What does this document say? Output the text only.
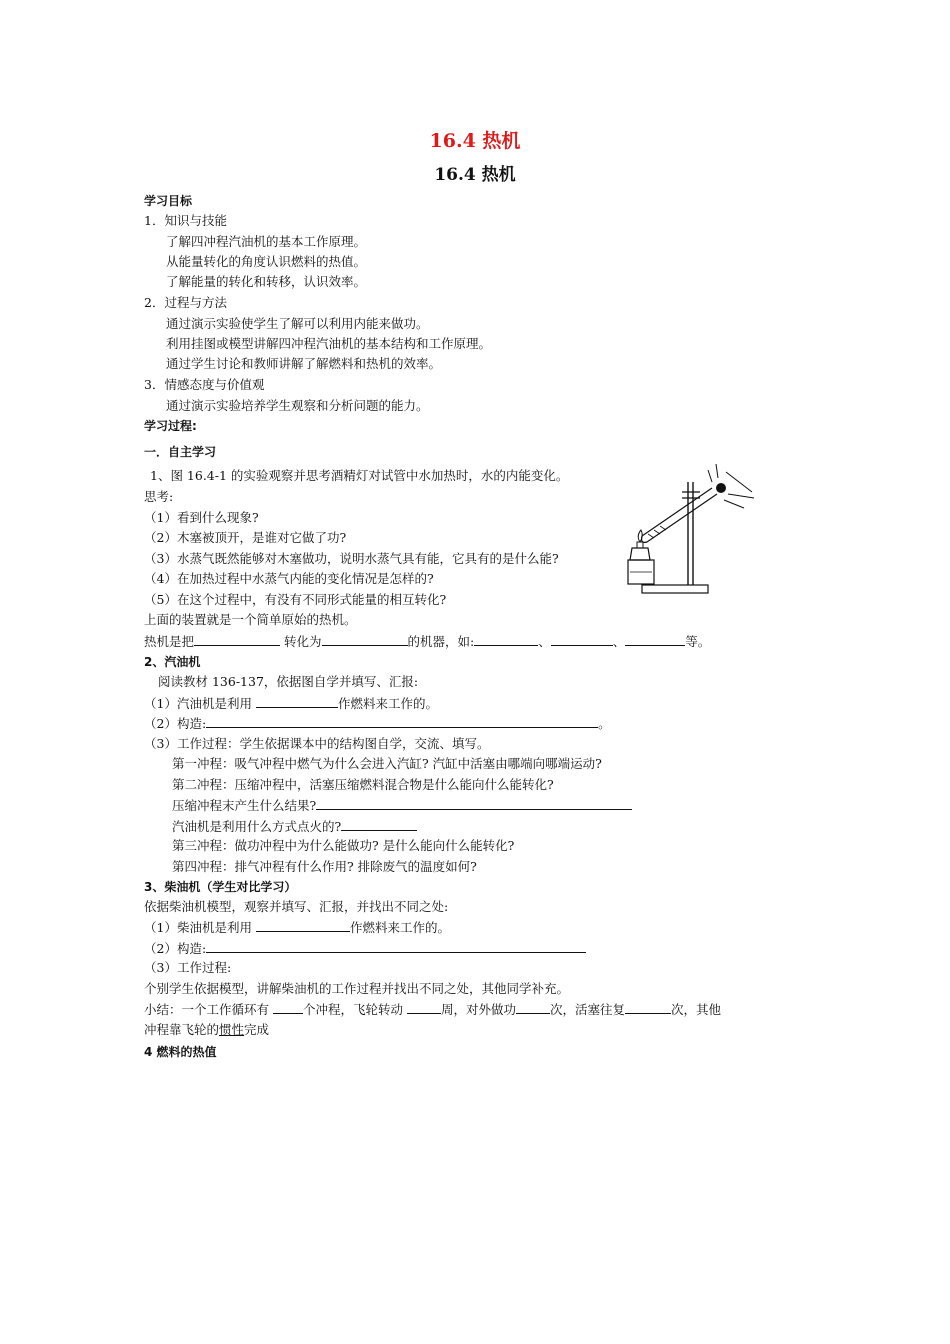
16.4 热机
16.4 热机
学习目标
1．知识与技能
了解四冲程汽油机的基本工作原理。
从能量转化的角度认识燃料的热值。
了解能量的转化和转移，认识效率。
2．过程与方法
通过演示实验使学生了解可以利用内能来做功。
利用挂图或模型讲解四冲程汽油机的基本结构和工作原理。
通过学生讨论和教师讲解了解燃料和热机的效率。
3．情感态度与价值观
通过演示实验培养学生观察和分析问题的能力。
学习过程:
一．自主学习
1、图 16.4-1 的实验观察并思考酒精灯对试管中水加热时，水的内能变化。
思考:
（1）看到什么现象?
（2）木塞被顶开，是谁对它做了功?
（3）水蒸气既然能够对木塞做功，说明水蒸气具有能，它具有的是什么能?
（4）在加热过程中水蒸气内能的变化情况是怎样的?
（5）在这个过程中，有没有不同形式能量的相互转化?
上面的装置就是一个简单原始的热机。
热机是把	转化为	的机器，如:	、	、	等。
2、汽油机
阅读教材 136-137，依据图自学并填写、汇报:
（1）汽油机是利用	作燃料来工作的。
（2）构造:	。
（3）工作过程：学生依据课本中的结构图自学，交流、填写。
第一冲程：吸气冲程中燃气为什么会进入汽缸? 汽缸中活塞由哪端向哪端运动?
第二冲程：压缩冲程中，活塞压缩燃料混合物是什么能向什么能转化?
压缩冲程末产生什么结果?
汽油机是利用什么方式点火的?
第三冲程：做功冲程中为什么能做功? 是什么能向什么能转化?
第四冲程：排气冲程有什么作用? 排除废气的温度如何?
3、柴油机（学生对比学习）
依据柴油机模型，观察并填写、汇报，并找出不同之处:
（1）柴油机是利用	作燃料来工作的。
（2）构造:
（3）工作过程:
个别学生依据模型，讲解柴油机的工作过程并找出不同之处，其他同学补充。
小结：一个工作循环有	个冲程，飞轮转动	周，对外做功	次，活塞往复	次，其他
冲程靠飞轮的惯性完成
4 燃料的热值
